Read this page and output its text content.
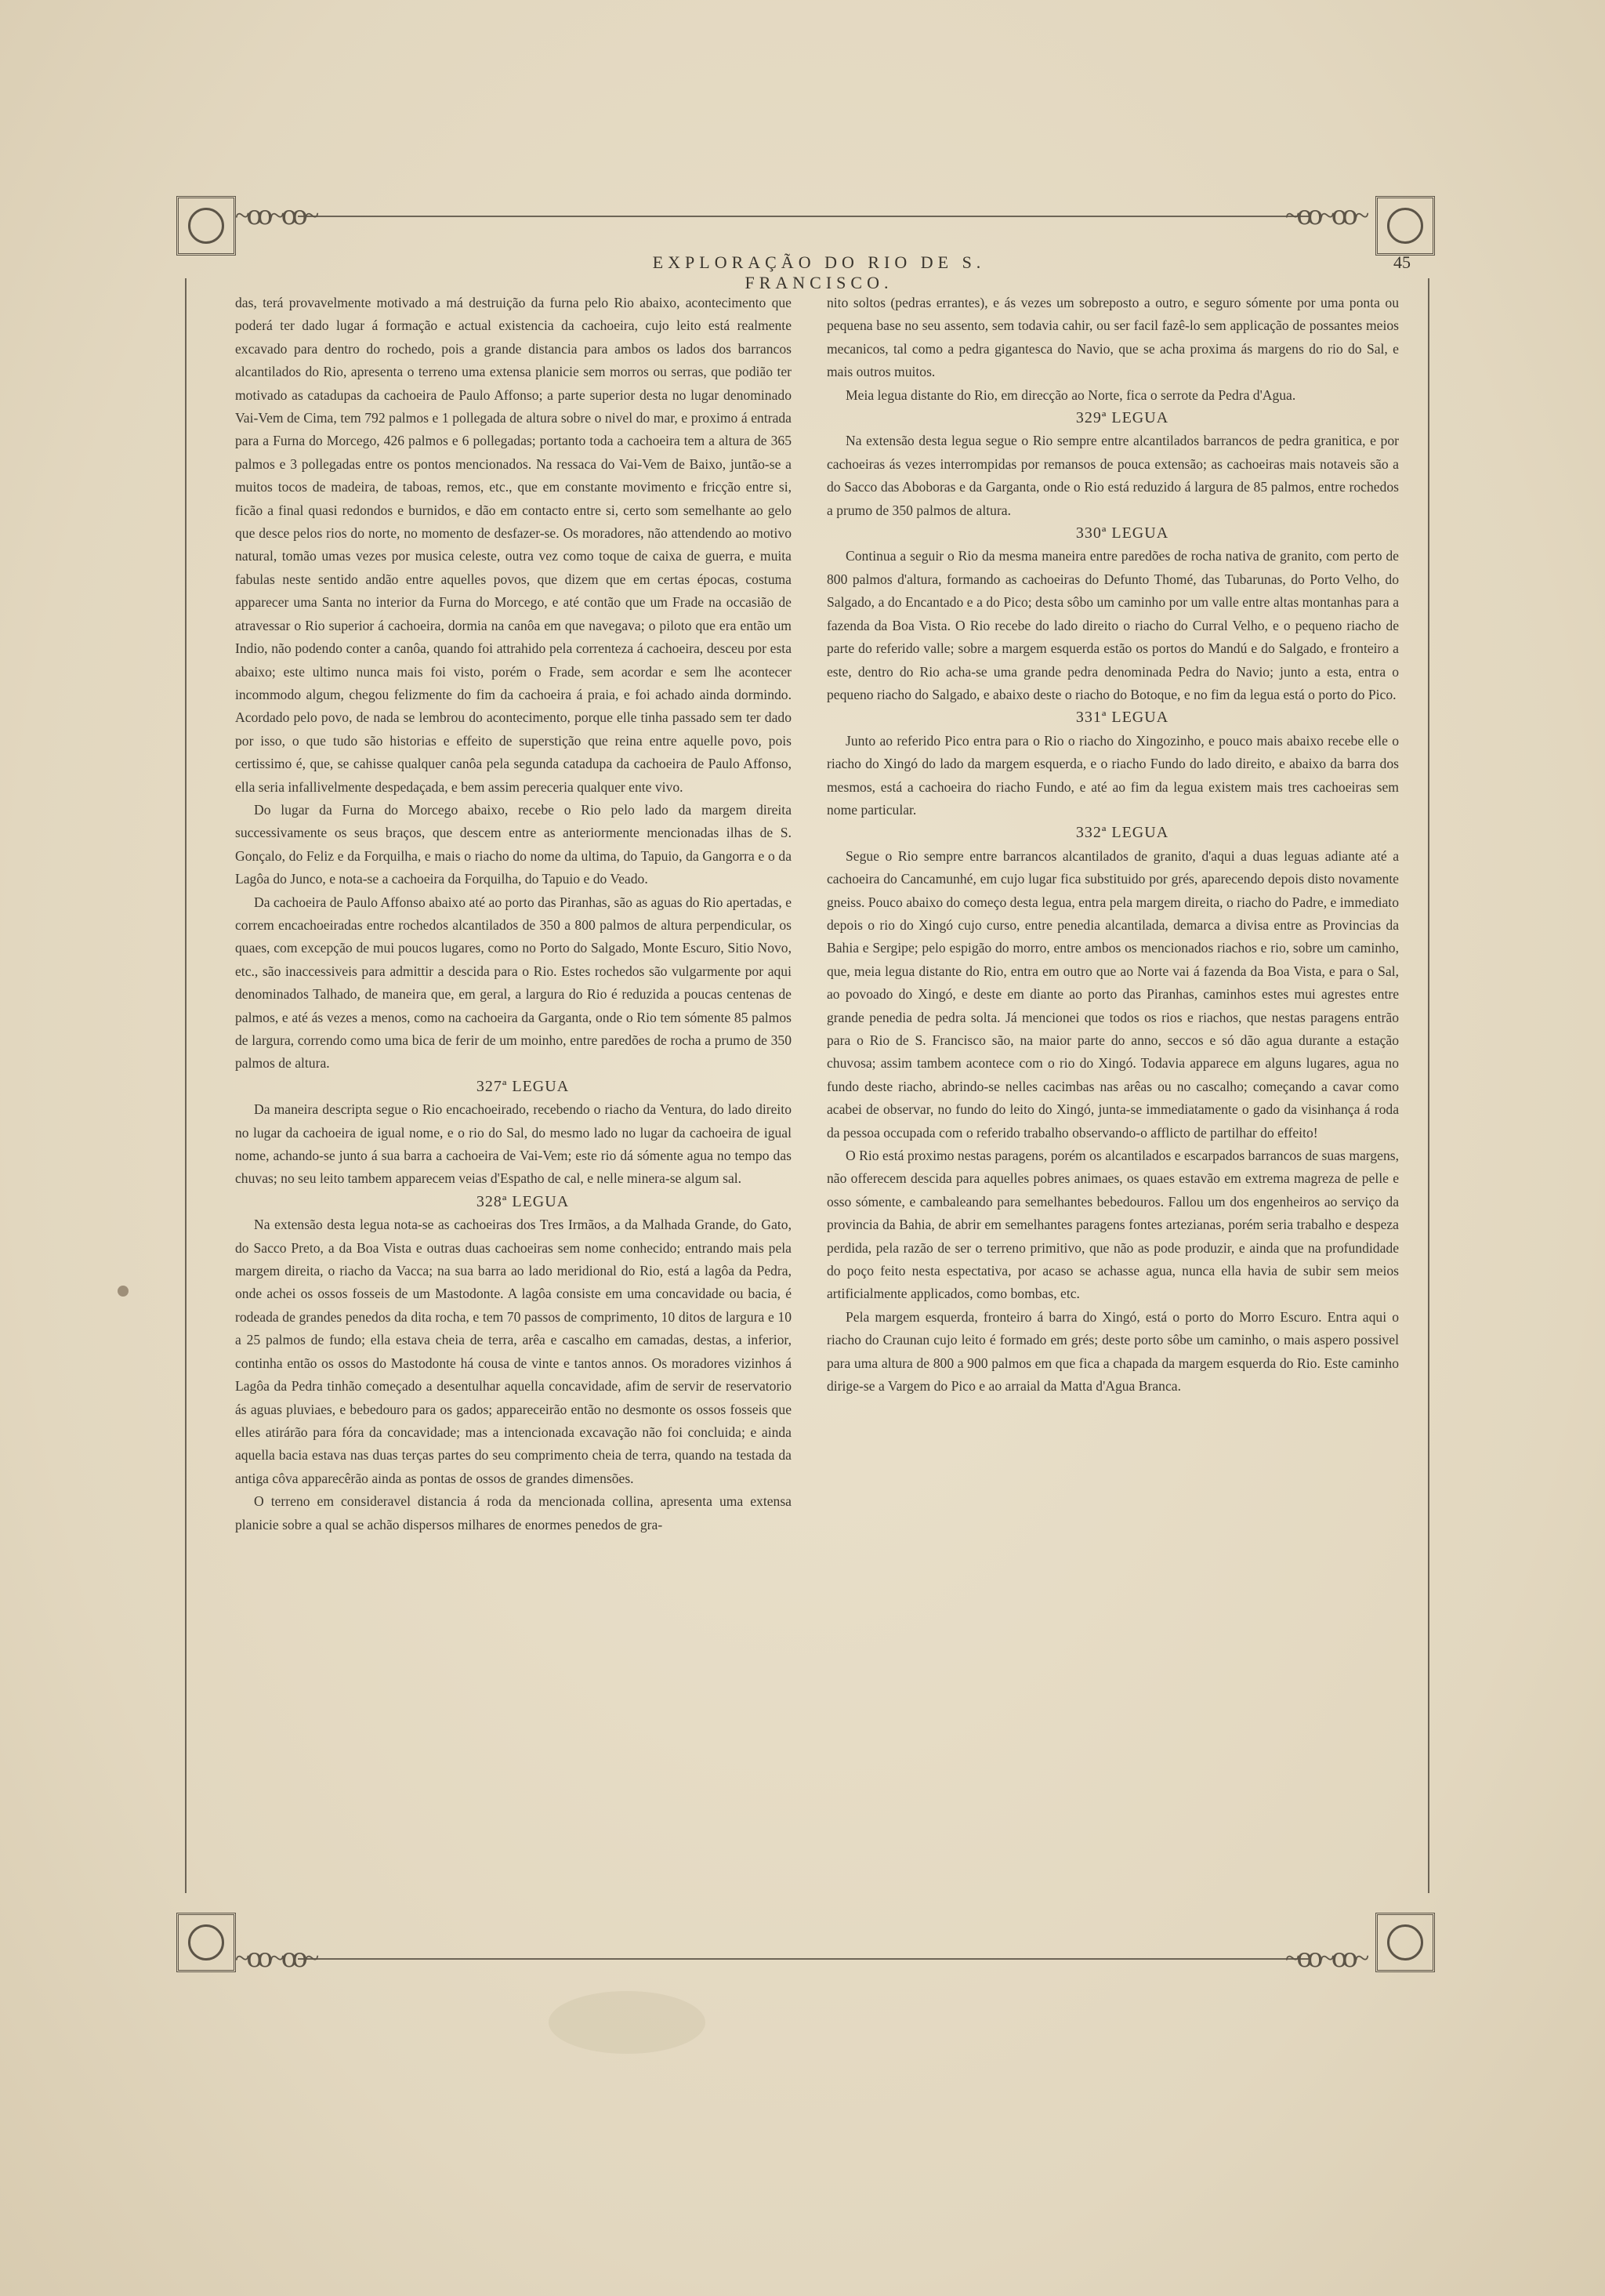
~ꝏ~ꝏ~	~ꝏ~ꝏ~
~ꝏ~ꝏ~	~ꝏ~ꝏ~
EXPLORAÇÃO DO RIO DE S. FRANCISCO.
45

das, terá provavelmente motivado a má destruição da furna pelo Rio abaixo, acontecimento que poderá ter dado lugar á formação e actual existencia da cachoeira, cujo leito está realmente excavado para dentro do rochedo, pois a grande distancia para ambos os lados dos barrancos alcantilados do Rio, apresenta o terreno uma extensa planicie sem morros ou serras, que podião ter motivado as catadupas da cachoeira de Paulo Affonso; a parte superior desta no lugar denominado Vai-Vem de Cima, tem 792 palmos e 1 pollegada de altura sobre o nivel do mar, e proximo á entrada para a Furna do Morcego, 426 palmos e 6 pollegadas; portanto toda a cachoeira tem a altura de 365 palmos e 3 pollegadas entre os pontos mencionados. Na ressaca do Vai-Vem de Baixo, juntão-se a muitos tocos de madeira, de taboas, remos, etc., que em constante movimento e fricção entre si, ficão a final quasi redondos e burnidos, e dão em contacto entre si, certo som semelhante ao gelo que desce pelos rios do norte, no momento de desfazer-se. Os moradores, não attendendo ao motivo natural, tomão umas vezes por musica celeste, outra vez como toque de caixa de guerra, e muita fabulas neste sentido andão entre aquelles povos, que dizem que em certas épocas, costuma apparecer uma Santa no interior da Furna do Morcego, e até contão que um Frade na occasião de atravessar o Rio superior á cachoeira, dormia na canôa em que navegava; o piloto que era então um Indio, não podendo conter a canôa, quando foi attrahido pela correnteza á cachoeira, desceu por esta abaixo; este ultimo nunca mais foi visto, porém o Frade, sem acordar e sem lhe acontecer incommodo algum, chegou felizmente do fim da cachoeira á praia, e foi achado ainda dormindo. Acordado pelo povo, de nada se lembrou do acontecimento, porque elle tinha passado sem ter dado por isso, o que tudo são historias e effeito de superstição que reina entre aquelle povo, pois certissimo é, que, se cahisse qualquer canôa pela segunda catadupa da cachoeira de Paulo Affonso, ella seria infallivelmente despedaçada, e bem assim pereceria qualquer ente vivo.

Do lugar da Furna do Morcego abaixo, recebe o Rio pelo lado da margem direita successivamente os seus braços, que descem entre as anteriormente mencionadas ilhas de S. Gonçalo, do Feliz e da Forquilha, e mais o riacho do nome da ultima, do Tapuio, da Gangorra e o da Lagôa do Junco, e nota-se a cachoeira da Forquilha, do Tapuio e do Veado.

Da cachoeira de Paulo Affonso abaixo até ao porto das Piranhas, são as aguas do Rio apertadas, e correm encachoeiradas entre rochedos alcantilados de 350 a 800 palmos de altura perpendicular, os quaes, com excepção de mui poucos lugares, como no Porto do Salgado, Monte Escuro, Sitio Novo, etc., são inaccessiveis para admittir a descida para o Rio. Estes rochedos são vulgarmente por aqui denominados Talhado, de maneira que, em geral, a largura do Rio é reduzida a poucas centenas de palmos, e até ás vezes a menos, como na cachoeira da Garganta, onde o Rio tem sómente 85 palmos de largura, correndo como uma bica de ferir de um moinho, entre paredões de rocha a prumo de 350 palmos de altura.

327ª LEGUA

Da maneira descripta segue o Rio encachoeirado, recebendo o riacho da Ventura, do lado direito no lugar da cachoeira de igual nome, e o rio do Sal, do mesmo lado no lugar da cachoeira de igual nome, achando-se junto á sua barra a cachoeira de Vai-Vem; este rio dá sómente agua no tempo das chuvas; no seu leito tambem apparecem veias d'Espatho de cal, e nelle minera-se algum sal.

328ª LEGUA

Na extensão desta legua nota-se as cachoeiras dos Tres Irmãos, a da Malhada Grande, do Gato, do Sacco Preto, a da Boa Vista e outras duas cachoeiras sem nome conhecido; entrando mais pela margem direita, o riacho da Vacca; na sua barra ao lado meridional do Rio, está a lagôa da Pedra, onde achei os ossos fosseis de um Mastodonte. A lagôa consiste em uma concavidade ou bacia, é rodeada de grandes penedos da dita rocha, e tem 70 passos de comprimento, 10 ditos de largura e 10 a 25 palmos de fundo; ella estava cheia de terra, arêa e cascalho em camadas, destas, a inferior, continha então os ossos do Mastodonte há cousa de vinte e tantos annos. Os moradores vizinhos á Lagôa da Pedra tinhão começado a desentulhar aquella concavidade, afim de servir de reservatorio ás aguas pluviaes, e bebedouro para os gados; appareceirão então no desmonte os ossos fosseis que elles atirárão para fóra da concavidade; mas a intencionada excavação não foi concluida; e ainda aquella bacia estava nas duas terças partes do seu comprimento cheia de terra, quando na testada da antiga côva apparecêrão ainda as pontas de ossos de grandes dimensões.

O terreno em consideravel distancia á roda da mencionada collina, apresenta uma extensa planicie sobre a qual se achão dispersos milhares de enormes penedos de gra-

nito soltos (pedras errantes), e ás vezes um sobreposto a outro, e seguro sómente por uma ponta ou pequena base no seu assento, sem todavia cahir, ou ser facil fazê-lo sem applicação de possantes meios mecanicos, tal como a pedra gigantesca do Navio, que se acha proxima ás margens do rio do Sal, e mais outros muitos.

Meia legua distante do Rio, em direcção ao Norte, fica o serrote da Pedra d'Agua.

329ª LEGUA

Na extensão desta legua segue o Rio sempre entre alcantilados barrancos de pedra granitica, e por cachoeiras ás vezes interrompidas por remansos de pouca extensão; as cachoeiras mais notaveis são a do Sacco das Aboboras e da Garganta, onde o Rio está reduzido á largura de 85 palmos, entre rochedos a prumo de 350 palmos de altura.

330ª LEGUA

Continua a seguir o Rio da mesma maneira entre paredões de rocha nativa de granito, com perto de 800 palmos d'altura, formando as cachoeiras do Defunto Thomé, das Tubarunas, do Porto Velho, do Salgado, a do Encantado e a do Pico; desta sôbo um caminho por um valle entre altas montanhas para a fazenda da Boa Vista. O Rio recebe do lado direito o riacho do Curral Velho, e o pequeno riacho de parte do referido valle; sobre a margem esquerda estão os portos do Mandú e do Salgado, e fronteiro a este, dentro do Rio acha-se uma grande pedra denominada Pedra do Navio; junto a esta, entra o pequeno riacho do Salgado, e abaixo deste o riacho do Botoque, e no fim da legua está o porto do Pico.

331ª LEGUA

Junto ao referido Pico entra para o Rio o riacho do Xingozinho, e pouco mais abaixo recebe elle o riacho do Xingó do lado da margem esquerda, e o riacho Fundo do lado direito, e abaixo da barra dos mesmos, está a cachoeira do riacho Fundo, e até ao fim da legua existem mais tres cachoeiras sem nome particular.

332ª LEGUA

Segue o Rio sempre entre barrancos alcantilados de granito, d'aqui a duas leguas adiante até a cachoeira do Cancamunhé, em cujo lugar fica substituido por grés, aparecendo depois disto novamente gneiss. Pouco abaixo do começo desta legua, entra pela margem direita, o riacho do Padre, e immediato depois o rio do Xingó cujo curso, entre penedia alcantilada, demarca a divisa entre as Provincias da Bahia e Sergipe; pelo espigão do morro, entre ambos os mencionados riachos e rio, sobre um caminho, que, meia legua distante do Rio, entra em outro que ao Norte vai á fazenda da Boa Vista, e para o Sal, ao povoado do Xingó, e deste em diante ao porto das Piranhas, caminhos estes mui agrestes entre grande penedia de pedra solta. Já mencionei que todos os rios e riachos, que nestas paragens entrão para o Rio de S. Francisco são, na maior parte do anno, seccos e só dão agua durante a estação chuvosa; assim tambem acontece com o rio do Xingó. Todavia apparece em alguns lugares, agua no fundo deste riacho, abrindo-se nelles cacimbas nas arêas ou no cascalho; começando a cavar como acabei de observar, no fundo do leito do Xingó, junta-se immediatamente o gado da visinhança á roda da pessoa occupada com o referido trabalho observando-o afflicto de partilhar do effeito!

O Rio está proximo nestas paragens, porém os alcantilados e escarpados barrancos de suas margens, não offerecem descida para aquelles pobres animaes, os quaes estavão em extrema magreza de pelle e osso sómente, e cambaleando para semelhantes bebedouros. Fallou um dos engenheiros ao serviço da provincia da Bahia, de abrir em semelhantes paragens fontes artezianas, porém seria trabalho e despeza perdida, pela razão de ser o terreno primitivo, que não as pode produzir, e ainda que na profundidade do poço feito nesta espectativa, por acaso se achasse agua, nunca ella havia de subir sem meios artificialmente applicados, como bombas, etc.

Pela margem esquerda, fronteiro á barra do Xingó, está o porto do Morro Escuro. Entra aqui o riacho do Craunan cujo leito é formado em grés; deste porto sôbe um caminho, o mais aspero possivel para uma altura de 800 a 900 palmos em que fica a chapada da margem esquerda do Rio. Este caminho dirige-se a Vargem do Pico e ao arraial da Matta d'Agua Branca.
